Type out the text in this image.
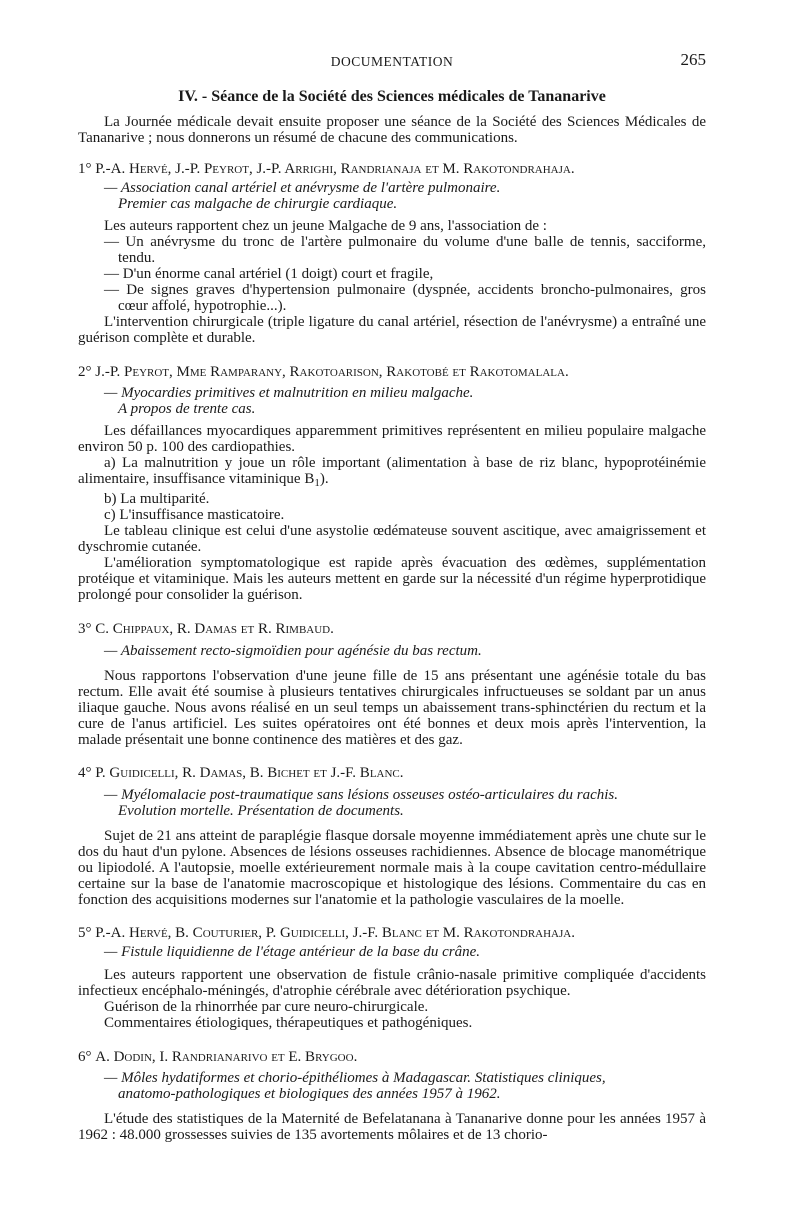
DOCUMENTATION	265
IV. - Séance de la Société des Sciences médicales de Tananarive

La Journée médicale devait ensuite proposer une séance de la Société des Sciences Médicales de Tananarive ; nous donnerons un résumé de chacune des communications.

1° P.-A. Hervé, J.-P. Peyrot, J.-P. Arrighi, Randrianaja et M. Rakotondrahaja.
— Association canal artériel et anévrysme de l'artère pulmonaire.
Premier cas malgache de chirurgie cardiaque.

Les auteurs rapportent chez un jeune Malgache de 9 ans, l'association de :

— Un anévrysme du tronc de l'artère pulmonaire du volume d'une balle de tennis, sacciforme, tendu.

— D'un énorme canal artériel (1 doigt) court et fragile,

— De signes graves d'hypertension pulmonaire (dyspnée, accidents broncho-pulmonaires, gros cœur affolé, hypotrophie...).

L'intervention chirurgicale (triple ligature du canal artériel, résection de l'anévrysme) a entraîné une guérison complète et durable.

2° J.-P. Peyrot, Mme Ramparany, Rakotoarison, Rakotobé et Rakotomalala.
— Myocardies primitives et malnutrition en milieu malgache.
A propos de trente cas.

Les défaillances myocardiques apparemment primitives représentent en milieu populaire malgache environ 50 p. 100 des cardiopathies.

a) La malnutrition y joue un rôle important (alimentation à base de riz blanc, hypoprotéinémie alimentaire, insuffisance vitaminique $B_1$).

b) La multiparité.

c) L'insuffisance masticatoire.

Le tableau clinique est celui d'une asystolie œdémateuse souvent ascitique, avec amaigrissement et dyschromie cutanée.

L'amélioration symptomatologique est rapide après évacuation des œdèmes, supplémentation protéique et vitaminique. Mais les auteurs mettent en garde sur la nécessité d'un régime hyperprotidique prolongé pour consolider la guérison.

3° C. Chippaux, R. Damas et R. Rimbaud.
— Abaissement recto-sigmoïdien pour agénésie du bas rectum.

Nous rapportons l'observation d'une jeune fille de 15 ans présentant une agénésie totale du bas rectum. Elle avait été soumise à plusieurs tentatives chirurgicales infructueuses se soldant par un anus iliaque gauche. Nous avons réalisé en un seul temps un abaissement trans-sphinctérien du rectum et la cure de l'anus artificiel. Les suites opératoires ont été bonnes et deux mois après l'intervention, la malade présentait une bonne continence des matières et des gaz.

4° P. Guidicelli, R. Damas, B. Bichet et J.-F. Blanc.
— Myélomalacie post-traumatique sans lésions osseuses ostéo-articulaires du rachis.
Evolution mortelle. Présentation de documents.

Sujet de 21 ans atteint de paraplégie flasque dorsale moyenne immédiatement après une chute sur le dos du haut d'un pylone. Absences de lésions osseuses rachidiennes. Absence de blocage manométrique ou lipiodolé. A l'autopsie, moelle extérieurement normale mais à la coupe cavitation centro-médullaire certaine sur la base de l'anatomie macroscopique et histologique des lésions. Commentaire du cas en fonction des acquisitions modernes sur l'anatomie et la pathologie vasculaires de la moelle.

5° P.-A. Hervé, B. Couturier, P. Guidicelli, J.-F. Blanc et M. Rakotondrahaja.
— Fistule liquidienne de l'étage antérieur de la base du crâne.

Les auteurs rapportent une observation de fistule crânio-nasale primitive compliquée d'accidents infectieux encéphalo-méningés, d'atrophie cérébrale avec détérioration psychique.

Guérison de la rhinorrhée par cure neuro-chirurgicale.

Commentaires étiologiques, thérapeutiques et pathogéniques.

6° A. Dodin, I. Randrianarivo et E. Brygoo.
— Môles hydatiformes et chorio-épithéliomes à Madagascar. Statistiques cliniques,
anatomo-pathologiques et biologiques des années 1957 à 1962.

L'étude des statistiques de la Maternité de Befelatanana à Tananarive donne pour les années 1957 à 1962 : 48.000 grossesses suivies de 135 avortements môlaires et de 13 chorio-
